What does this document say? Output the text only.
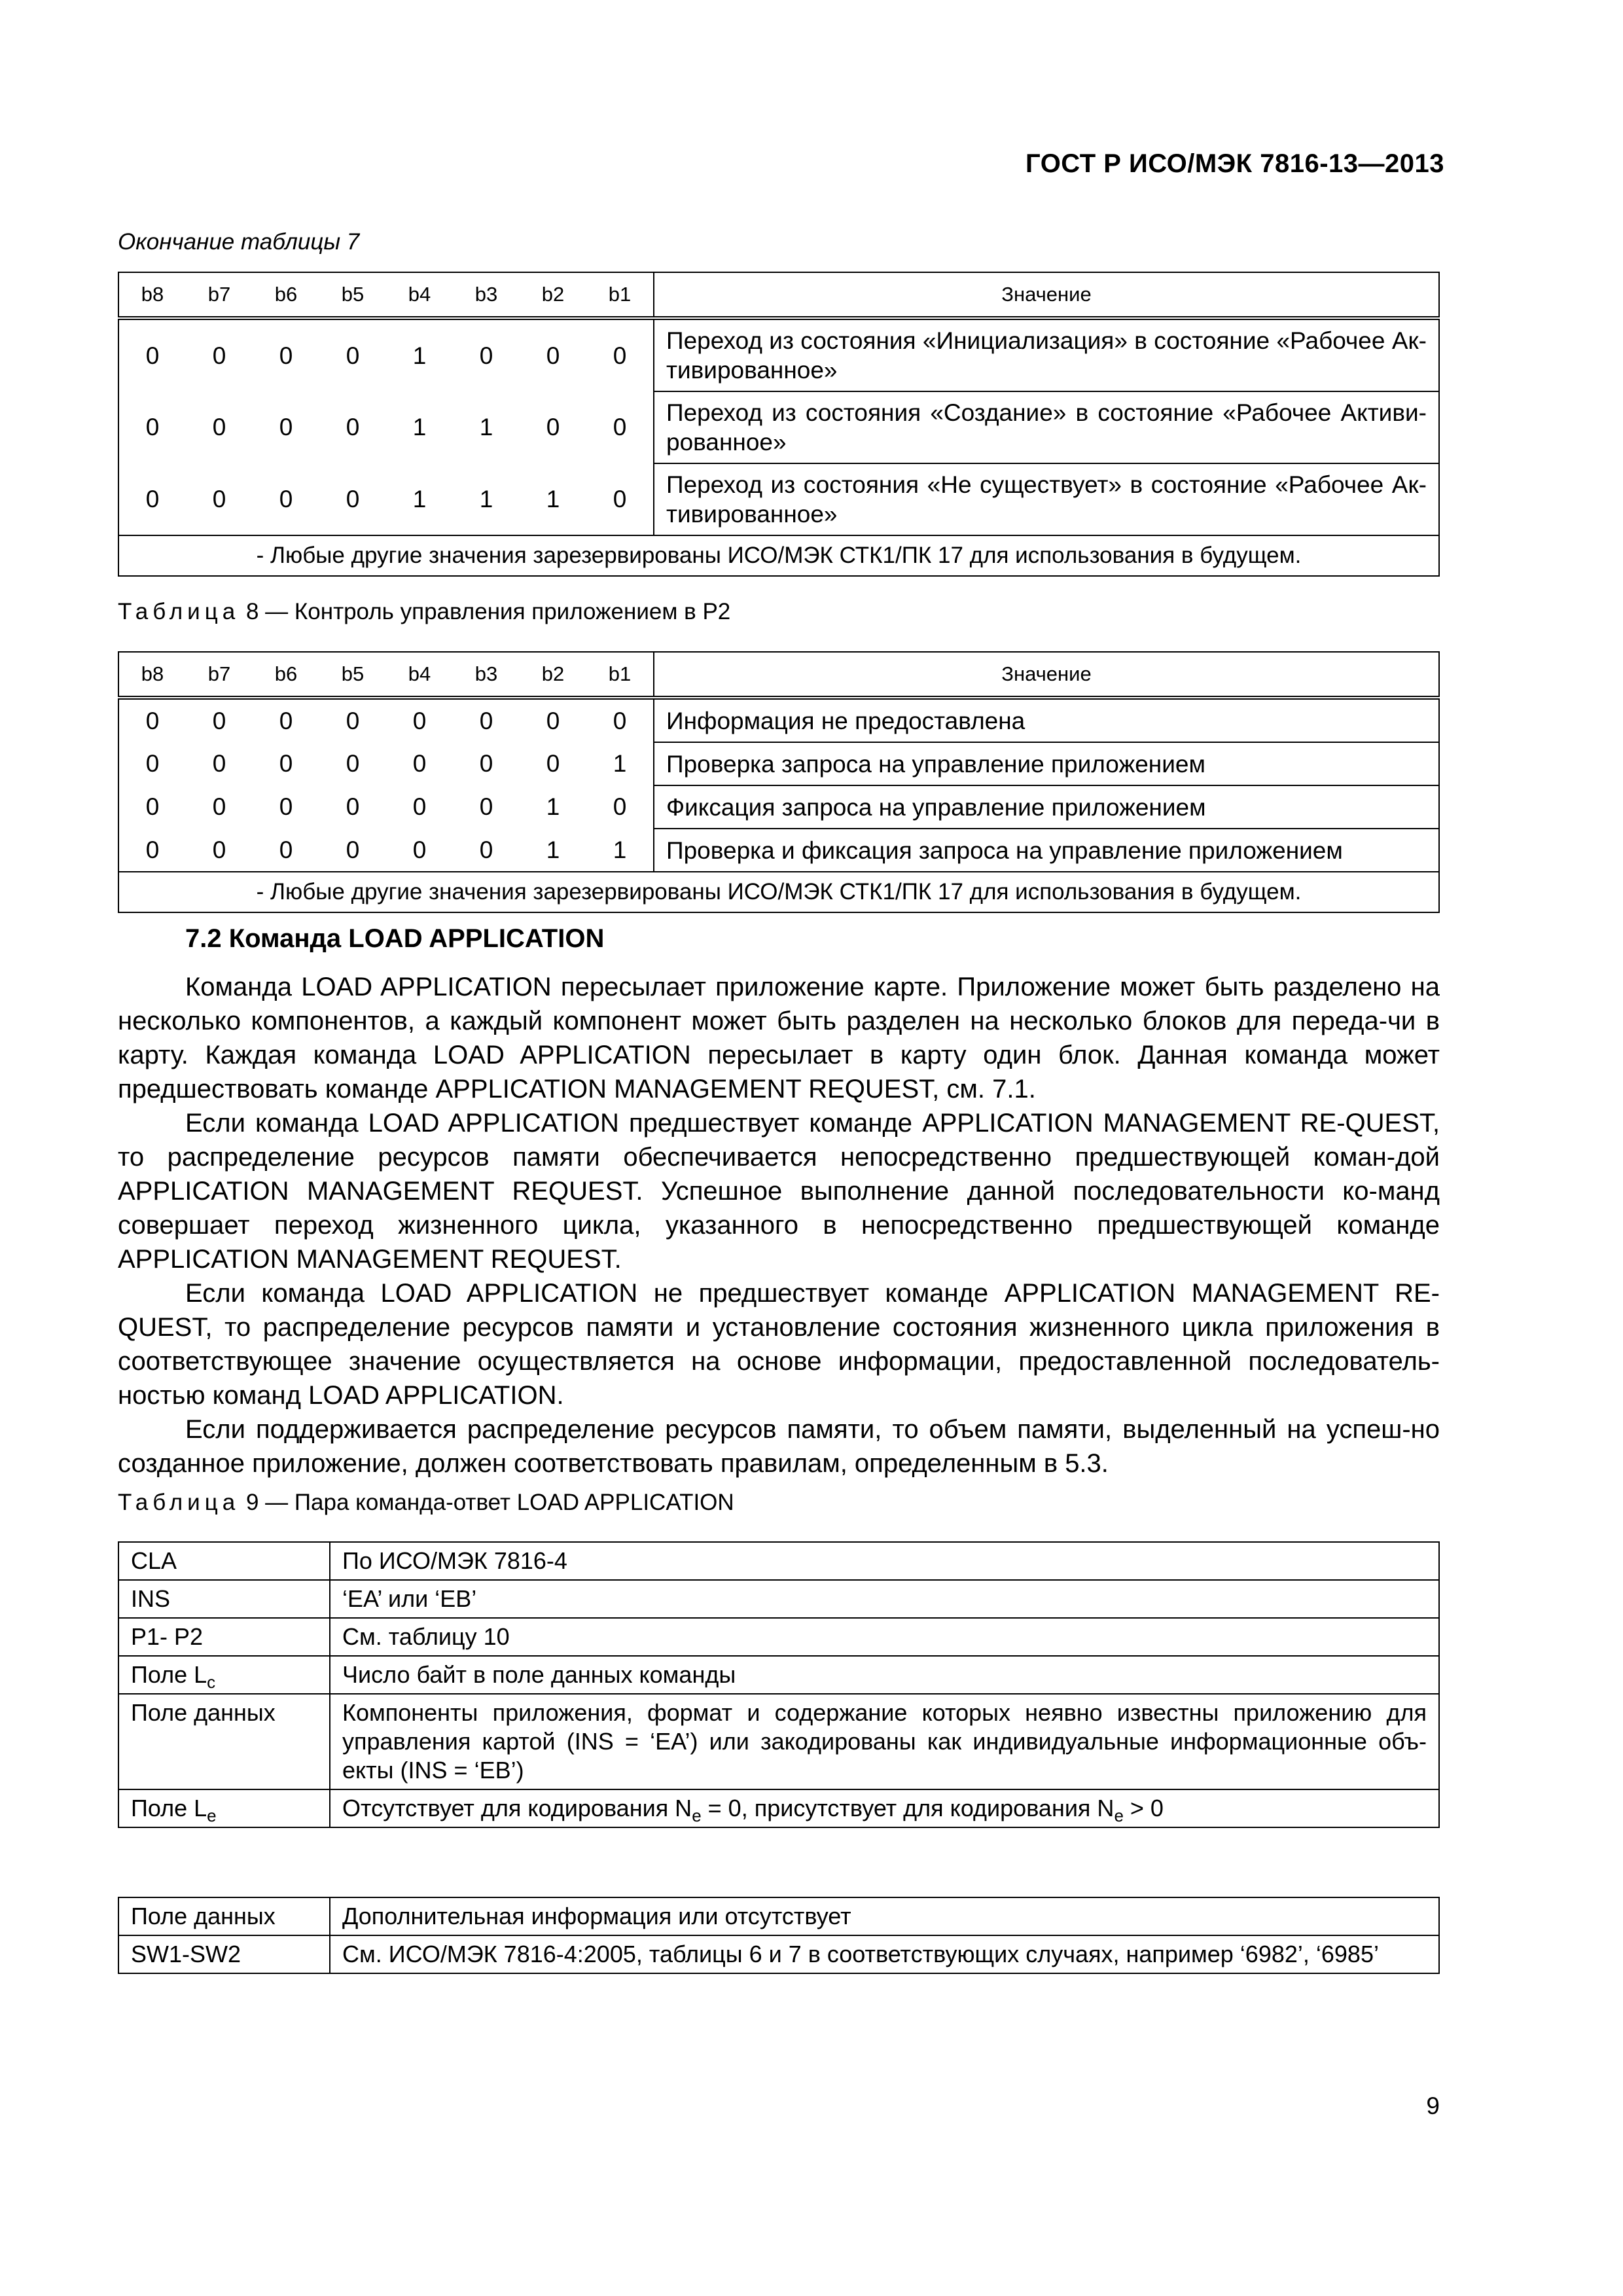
ГОСТ Р ИСО/МЭК 7816-13—2013
Окончание таблицы 7
b8	b7	b6	b5	b4	b3	b2	b1	Значение
0	0	0	0	1	0	0	0	Переход из состояния «Инициализация» в состояние «Рабочее Ак-тивированное»
0	0	0	0	1	1	0	0	Переход из состояния «Создание» в состояние «Рабочее Активи-рованное»
0	0	0	0	1	1	1	0	Переход из состояния «Не существует» в состояние «Рабочее Ак-тивированное»
- Любые другие значения зарезервированы ИСО/МЭК СТК1/ПК 17 для использования в будущем.								
Таблица 8 — Контроль управления приложением в P2
b8	b7	b6	b5	b4	b3	b2	b1	Значение
0	0	0	0	0	0	0	0	Информация не предоставлена
0	0	0	0	0	0	0	1	Проверка запроса на управление приложением
0	0	0	0	0	0	1	0	Фиксация запроса на управление приложением
0	0	0	0	0	0	1	1	Проверка и фиксация запроса на управление приложением
- Любые другие значения зарезервированы ИСО/МЭК СТК1/ПК 17 для использования в будущем.								
7.2 Команда LOAD APPLICATION

Команда LOAD APPLICATION пересылает приложение карте. Приложение может быть разделено на несколько компонентов, а каждый компонент может быть разделен на несколько блоков для переда-чи в карту. Каждая команда LOAD APPLICATION пересылает в карту один блок. Данная команда может предшествовать команде APPLICATION MANAGEMENT REQUEST, см. 7.1.

Если команда LOAD APPLICATION предшествует команде APPLICATION MANAGEMENT RE-QUEST, то распределение ресурсов памяти обеспечивается непосредственно предшествующей коман-дой APPLICATION MANAGEMENT REQUEST. Успешное выполнение данной последовательности ко-манд совершает переход жизненного цикла, указанного в непосредственно предшествующей команде APPLICATION MANAGEMENT REQUEST.

Если команда LOAD APPLICATION не предшествует команде APPLICATION MANAGEMENT RE-QUEST, то распределение ресурсов памяти и установление состояния жизненного цикла приложения в соответствующее значение осуществляется на основе информации, предоставленной последователь-ностью команд LOAD APPLICATION.

Если поддерживается распределение ресурсов памяти, то объем памяти, выделенный на успеш-но созданное приложение, должен соответствовать правилам, определенным в 5.3.

Таблица 9 — Пара команда-ответ LOAD APPLICATION
CLA	По ИСО/МЭК 7816-4
INS	‘EA’ или ‘EB’
P1- P2	См. таблицу 10
Поле $L_c$	Число байт в поле данных команды
Поле данных	Компоненты приложения, формат и содержание которых неявно известны приложению для управления картой (INS = ‘EA’) или закодированы как индивидуальные информационные объ-екты (INS = ‘EB’)
Поле $L_e$	Отсутствует для кодирования $N_e = 0$, присутствует для кодирования $N_e > 0$
Поле данных	Дополнительная информация или отсутствует
SW1-SW2	См. ИСО/МЭК 7816-4:2005, таблицы 6 и 7 в соответствующих случаях, например ‘6982’, ‘6985’
9
